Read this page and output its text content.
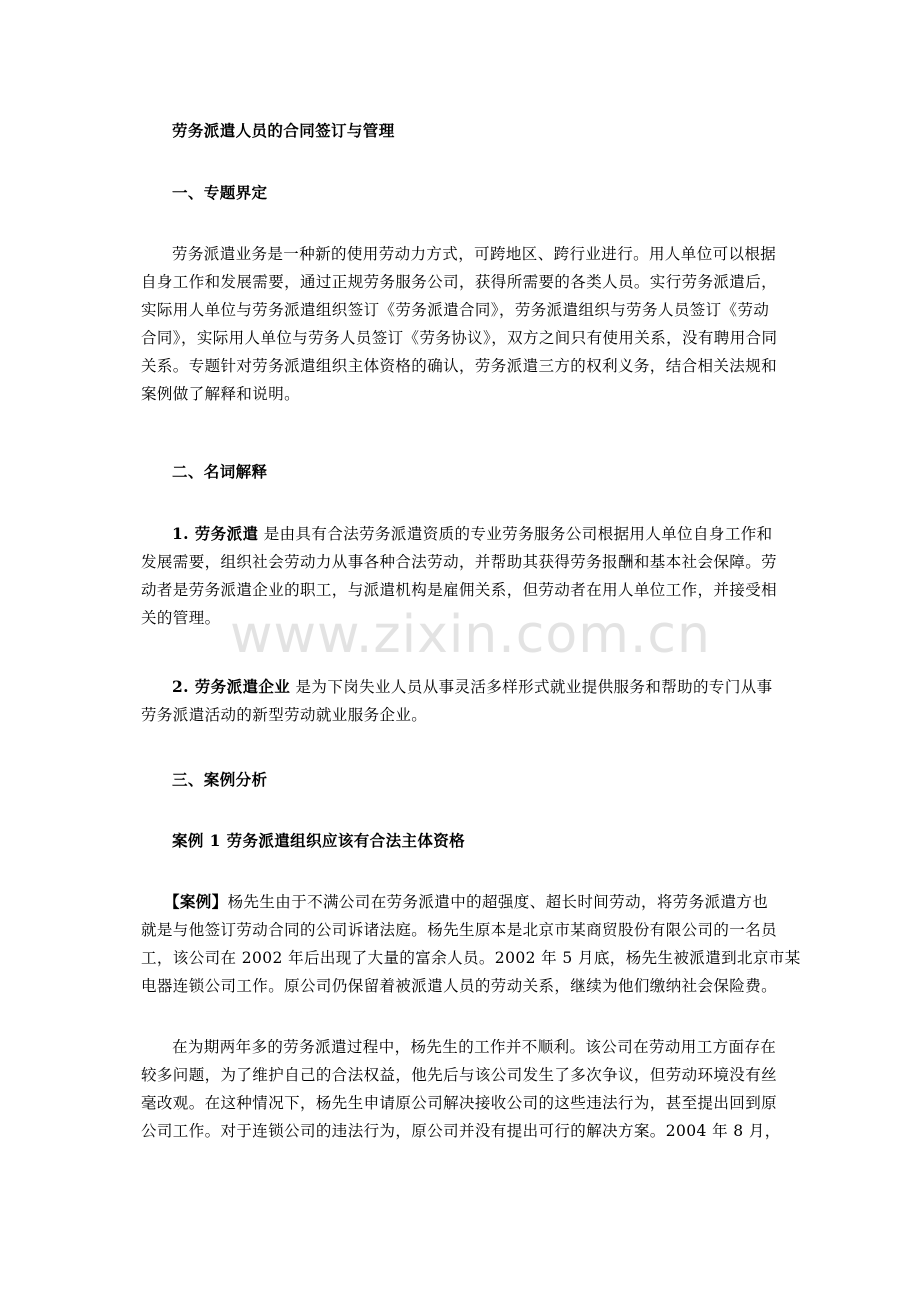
劳务派遣人员的合同签订与管理
一、专题界定
劳务派遣业务是一种新的使用劳动力方式，可跨地区、跨行业进行。用人单位可以根据
自身工作和发展需要，通过正规劳务服务公司，获得所需要的各类人员。实行劳务派遣后，
实际用人单位与劳务派遣组织签订《劳务派遣合同》，劳务派遣组织与劳务人员签订《劳动
合同》，实际用人单位与劳务人员签订《劳务协议》，双方之间只有使用关系，没有聘用合同
关系。专题针对劳务派遣组织主体资格的确认，劳务派遣三方的权利义务，结合相关法规和
案例做了解释和说明。
二、名词解释
1. 劳务派遣 是由具有合法劳务派遣资质的专业劳务服务公司根据用人单位自身工作和
发展需要，组织社会劳动力从事各种合法劳动，并帮助其获得劳务报酬和基本社会保障。劳
动者是劳务派遣企业的职工，与派遣机构是雇佣关系，但劳动者在用人单位工作，并接受相
关的管理。
2. 劳务派遣企业 是为下岗失业人员从事灵活多样形式就业提供服务和帮助的专门从事
劳务派遣活动的新型劳动就业服务企业。
三、案例分析
案例 1 劳务派遣组织应该有合法主体资格
【案例】杨先生由于不满公司在劳务派遣中的超强度、超长时间劳动，将劳务派遣方也
就是与他签订劳动合同的公司诉诸法庭。杨先生原本是北京市某商贸股份有限公司的一名员
工，该公司在 2002 年后出现了大量的富余人员。2002 年 5 月底，杨先生被派遣到北京市某
电器连锁公司工作。原公司仍保留着被派遣人员的劳动关系，继续为他们缴纳社会保险费。
在为期两年多的劳务派遣过程中，杨先生的工作并不顺利。该公司在劳动用工方面存在
较多问题，为了维护自己的合法权益，他先后与该公司发生了多次争议，但劳动环境没有丝
毫改观。在这种情况下，杨先生申请原公司解决接收公司的这些违法行为，甚至提出回到原
公司工作。对于连锁公司的违法行为，原公司并没有提出可行的解决方案。2004 年 8 月，
www.zixin.com.cn
